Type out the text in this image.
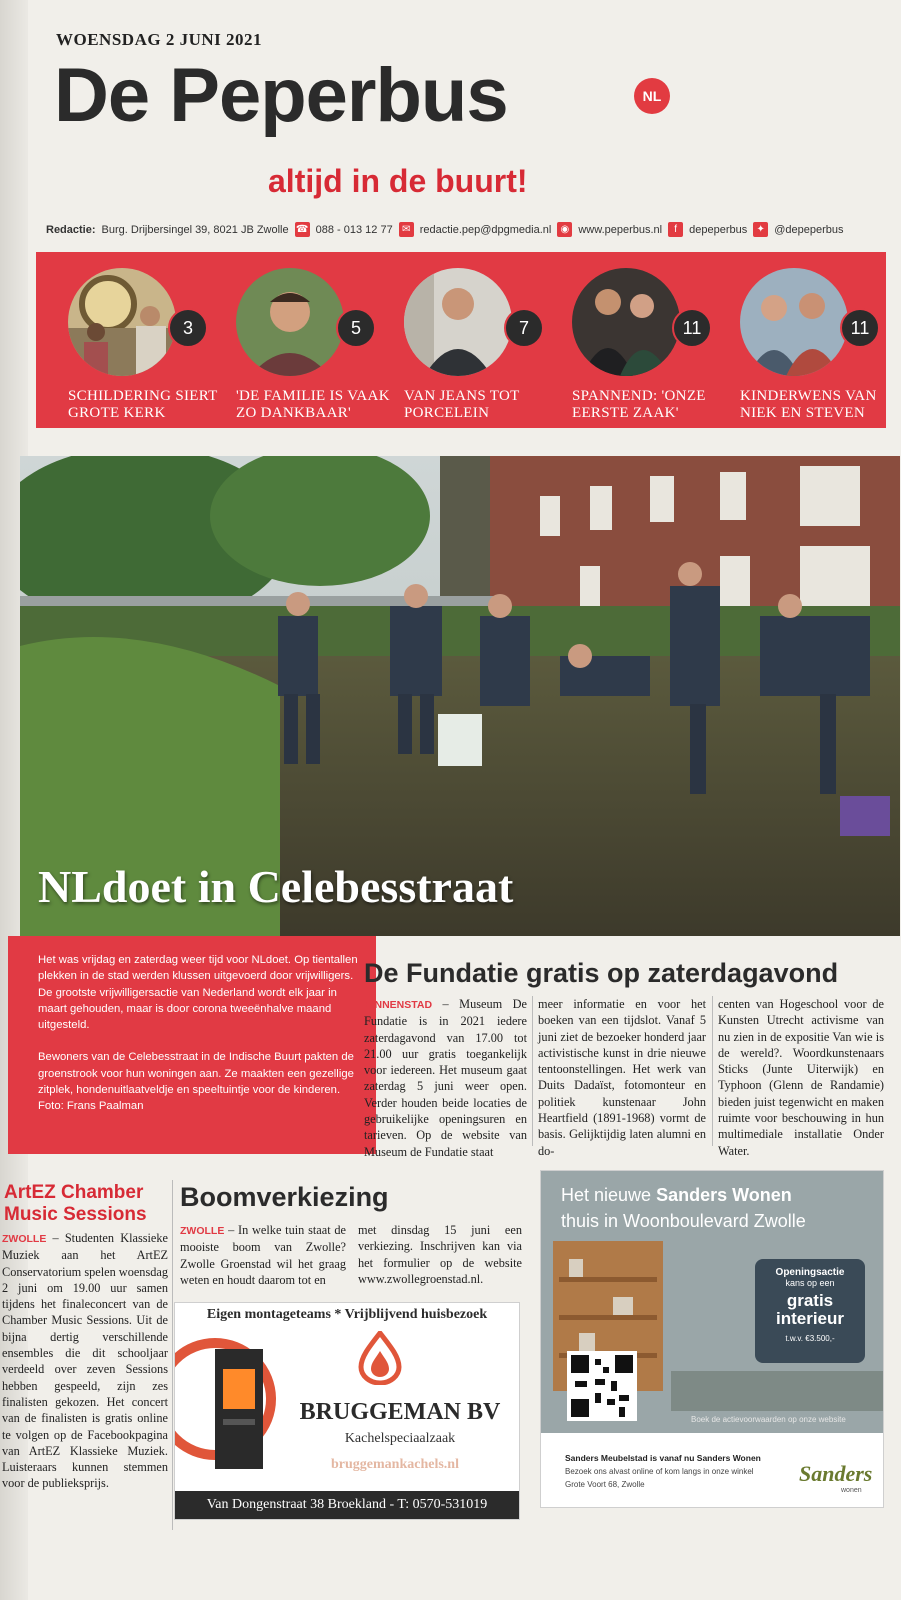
WOENSDAG 2 JUNI 2021
De Peperbus	NL
altijd in de buurt!
Redactie: Burg. Drijbersingel 39, 8021 JB Zwolle ☎ 088 - 013 12 77 ✉ redactie.pep@dpgmedia.nl ◉ www.peperbus.nl	f	depeperbus ✦ @depeperbus
3
SCHILDERING SIERT GROTE KERK
5
'DE FAMILIE IS VAAK ZO DANKBAAR'
7
VAN JEANS TOT PORCELEIN
11
SPANNEND: 'ONZE EERSTE ZAAK'
11
KINDERWENS VAN NIEK EN STEVEN
NLdoet in Celebesstraat

Het was vrijdag en zaterdag weer tijd voor NLdoet. Op tientallen plekken in de stad werden klussen uitgevoerd door vrijwilligers. De grootste vrijwilligersactie van Nederland wordt elk jaar in maart gehouden, maar is door corona tweeënhalve maand uitgesteld.

Bewoners van de Celebesstraat in de Indische Buurt pakten de groenstrook voor hun woningen aan. Ze maakten een gezellige zitplek, hondenuitlaatveldje en speeltuintje voor de kinderen. Foto: Frans Paalman

De Fundatie gratis op zaterdagavond
BINNENSTAD – Museum De Fundatie is in 2021 iedere zaterdagavond van 17.00 tot 21.00 uur gratis toegankelijk voor iedereen. Het museum gaat zaterdag 5 juni weer open. Verder houden beide locaties de gebruikelijke openingsuren en tarieven. Op de website van Museum de Fundatie staat
meer informatie en voor het boeken van een tijdslot. Vanaf 5 juni ziet de bezoeker honderd jaar activistische kunst in drie nieuwe tentoonstellingen. Het werk van Duits Dadaïst, fotomonteur en politiek kunstenaar John Heartfield (1891-1968) vormt de basis. Gelijktijdig laten alumni en do-
centen van Hogeschool voor de Kunsten Utrecht activisme van nu zien in de expositie Van wie is de wereld?. Woordkunstenaars Sticks (Junte Uiterwijk) en Typhoon (Glenn de Randamie) bieden juist tegenwicht en maken ruimte voor beschouwing in hun multimediale installatie Onder Water.
ArtEZ Chamber Music Sessions
ZWOLLE – Studenten Klassieke Muziek aan het ArtEZ Conservatorium spelen woensdag 2 juni om 19.00 uur samen tijdens het finaleconcert van de Chamber Music Sessions. Uit de bijna dertig verschillende ensembles die dit schooljaar verdeeld over zeven Sessions hebben gespeeld, zijn zes finalisten gekozen. Het concert van de finalisten is gratis online te volgen op de Facebookpagina van ArtEZ Klassieke Muziek. Luisteraars kunnen stemmen voor de publieksprijs.
Boomverkiezing
ZWOLLE – In welke tuin staat de mooiste boom van Zwolle? Zwolle Groenstad wil het graag weten en houdt daarom tot en
met dinsdag 15 juni een verkiezing. Inschrijven kan via het formulier op de website www.zwollegroenstad.nl.
Eigen montageteams * Vrijblijvend huisbezoek
BRUGGEMAN BV
Kachelspeciaalzaak
bruggemankachels.nl
Van Dongenstraat 38 Broekland - T: 0570-531019
Het nieuwe Sanders Wonen
thuis in Woonboulevard Zwolle
Openingsactie
kans op een
gratis
interieur
t.w.v. €3.500,-
Boek de actievoorwaarden op onze website
Sanders Meubelstad is vanaf nu Sanders Wonen
Bezoek ons alvast online of kom langs in onze winkel
Grote Voort 68, Zwolle	Sanders
wonen
